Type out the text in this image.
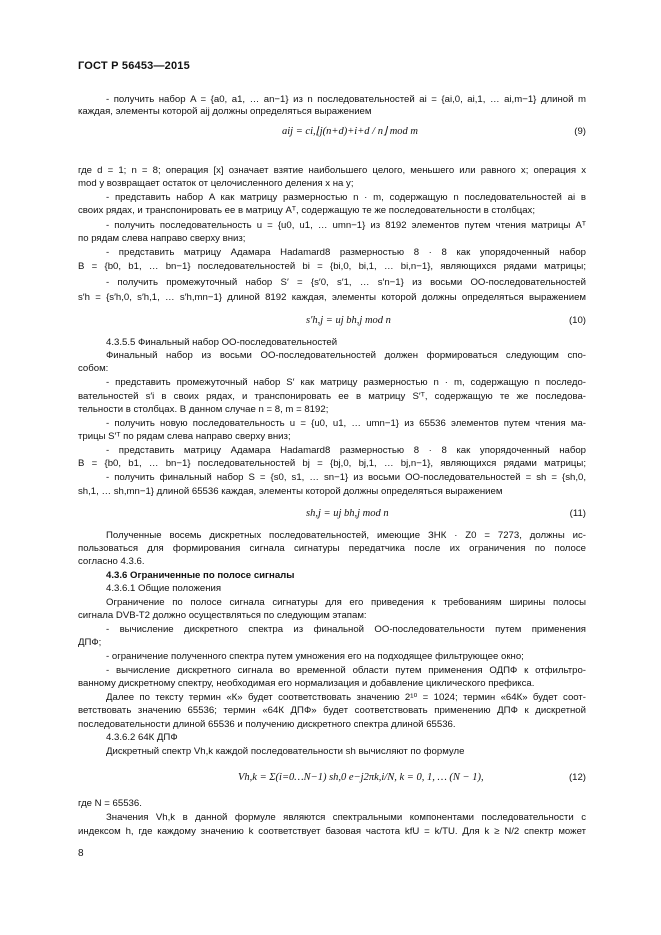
ГОСТ Р 56453—2015
- получить набор A = {a0, a1, … an−1} из n последовательностей ai = {ai,0, ai,1, … ai,m−1} длиной m
каждая, элементы которой aij должны определяться выражением
aij = ci,⌊j(n+d)+i+d / n⌋ mod m	(9)
где d = 1; n = 8; операция [x] означает взятие наибольшего целого, меньшего или равного x; операция x
mod y возвращает остаток от целочисленного деления x на y;
- представить набор A как матрицу размерностью n · m, содержащую n последовательностей ai в
своих рядах, и транспонировать ее в матрицу Aᵀ, содержащую те же последовательности в столбцах;
- получить последовательность u = {u0, u1, … umn−1} из 8192 элементов путем чтения матрицы Aᵀ
по рядам слева направо сверху вниз;
- представить матрицу Адамара Hadamard8 размерностью 8 · 8 как упорядоченный набор
B = {b0, b1, … bn−1} последовательностей bi = {bi,0, bi,1, … bi,n−1}, являющихся рядами матрицы;
- получить промежуточный набор S′ = {s′0, s′1, … s′n−1} из восьми ОО-последовательностей
s′h = {s′h,0, s′h,1, … s′h,mn−1} длиной 8192 каждая, элементы которой должны определяться выражением
s′h,j = uj bh,j mod n	(10)
4.3.5.5 Финальный набор ОО-последовательностей
Финальный набор из восьми ОО-последовательностей должен формироваться следующим спо-
собом:
- представить промежуточный набор S′ как матрицу размерностью n · m, содержащую n последо-
вательностей s′i в своих рядах, и транспонировать ее в матрицу S′ᵀ, содержащую те же последова-
тельности в столбцах. В данном случае n = 8, m = 8192;
- получить новую последовательность u = {u0, u1, … umn−1} из 65536 элементов путем чтения ма-
трицы S′ᵀ по рядам слева направо сверху вниз;
- представить матрицу Адамара Hadamard8 размерностью 8 · 8 как упорядоченный набор
B = {b0, b1, … bn−1} последовательностей bj = {bj,0, bj,1, … bj,n−1}, являющихся рядами матрицы;
- получить финальный набор S = {s0, s1, … sn−1} из восьми ОО-последовательностей = sh = {sh,0,
sh,1, … sh,mn−1} длиной 65536 каждая, элементы которой должны определяться выражением
sh,j = uj bh,j mod n	(11)
Полученные восемь дискретных последовательностей, имеющие ЗНК · Z0 = 7273, должны ис-
пользоваться для формирования сигнала сигнатуры передатчика после их ограничения по полосе
согласно 4.3.6.
4.3.6 Ограниченные по полосе сигналы
4.3.6.1 Общие положения
Ограничение по полосе сигнала сигнатуры для его приведения к требованиям ширины полосы
сигнала DVB-T2 должно осуществляться по следующим этапам:
- вычисление дискретного спектра из финальной ОО-последовательности путем применения
ДПФ;
- ограничение полученного спектра путем умножения его на подходящее фильтрующее окно;
- вычисление дискретного сигнала во временной области путем применения ОДПФ к отфильтро-
ванному дискретному спектру, необходимая его нормализация и добавление циклического префикса.
Далее по тексту термин «К» будет соответствовать значению 2¹⁰ = 1024; термин «64К» будет соот-
ветствовать значению 65536; термин «64К ДПФ» будет соответствовать применению ДПФ к дискретной
последовательности длиной 65536 и получению дискретного спектра длиной 65536.
4.3.6.2 64К ДПФ
Дискретный спектр Vh,k каждой последовательности sh вычисляют по формуле
Vh,k = Σ(i=0…N−1) sh,0 e−j2πk,i/N, k = 0, 1, … (N − 1),	(12)
где N = 65536.
Значения Vh,k в данной формуле являются спектральными компонентами последовательности с
индексом h, где каждому значению k соответствует базовая частота kfU = k/TU. Для k ≥ N/2 спектр может
8
